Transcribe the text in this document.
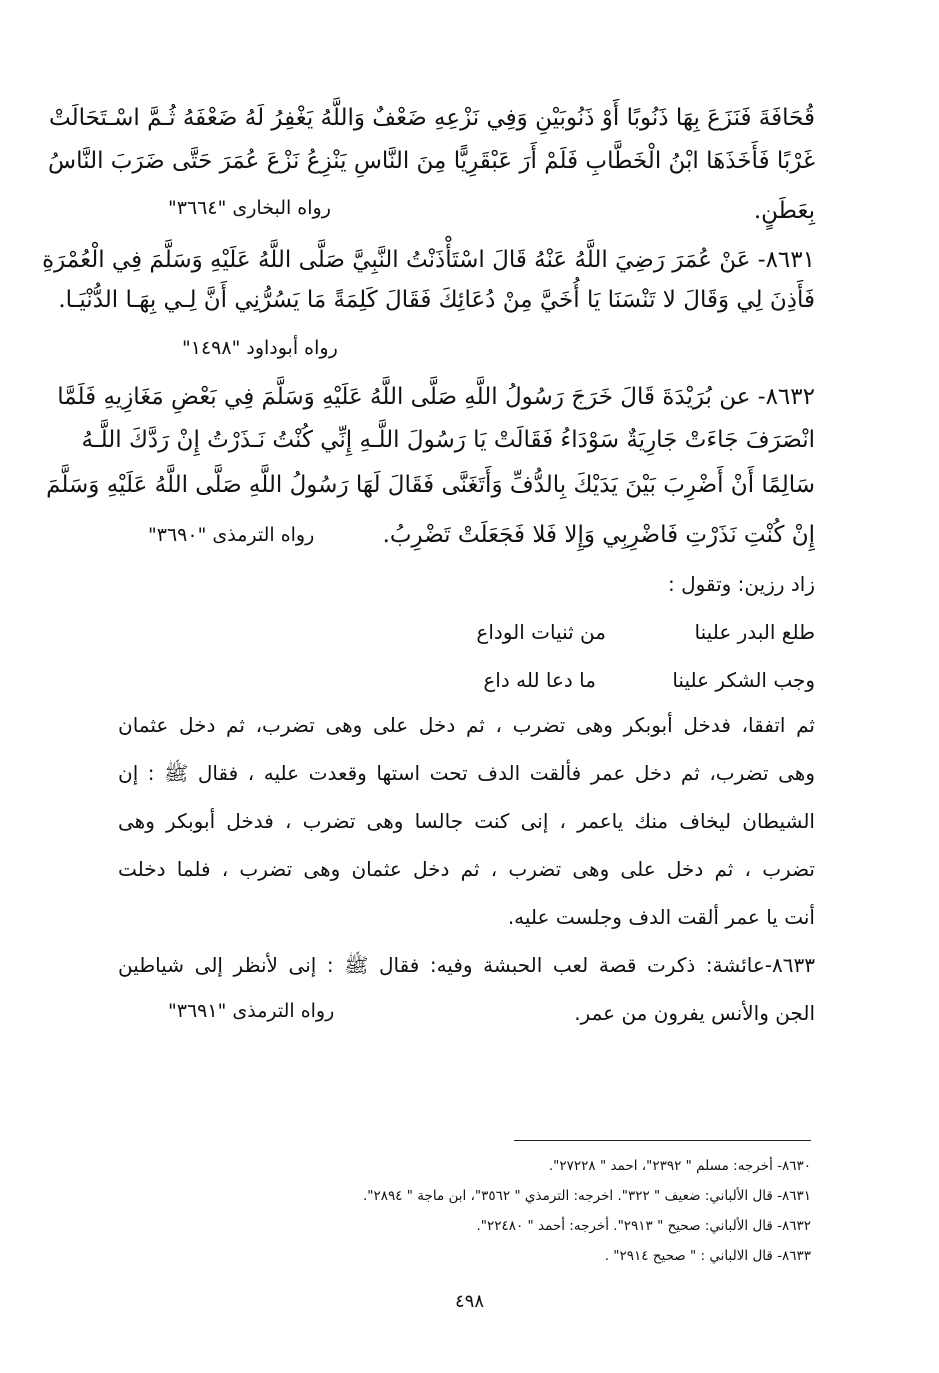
قُحَافَةَ فَنَزَعَ بِهَا ذَنُوبًا أَوْ ذَنُوبَيْنِ وَفِي نَزْعِهِ ضَعْفٌ وَاللَّهُ يَغْفِرُ لَهُ ضَعْفَهُ ثُـمَّ اسْـتَحَالَتْ
غَرْبًا فَأَخَذَهَا ابْنُ الْخَطَّابِ فَلَمْ أَرَ عَبْقَرِيًّا مِنَ النَّاسِ يَنْزِعُ نَزْعَ عُمَرَ حَتَّى ضَرَبَ النَّاسُ
بِعَطَنٍ.
رواه البخارى "٣٦٦٤"
٨٦٣١- عَنْ عُمَرَ رَضِيَ اللَّهُ عَنْهُ قَالَ اسْتَأْذَنْتُ النَّبِيَّ صَلَّى اللَّهُ عَلَيْهِ وَسَلَّمَ فِي الْعُمْرَةِ
فَأَذِنَ لِي وَقَالَ لا تَنْسَنَا يَا أُخَيَّ مِنْ دُعَائِكَ فَقَالَ كَلِمَةً مَا يَسُرُّنِي أَنَّ لِـي بِهَـا الدُّنْيَـا.
رواه أبوداود "١٤٩٨"
٨٦٣٢- عن بُرَيْدَةَ قَالَ خَرَجَ رَسُولُ اللَّهِ صَلَّى اللَّهُ عَلَيْهِ وَسَلَّمَ فِي بَعْضِ مَغَازِيهِ فَلَمَّا
انْصَرَفَ جَاءَتْ جَارِيَةٌ سَوْدَاءُ فَقَالَتْ يَا رَسُولَ اللَّـهِ إِنِّي كُنْتُ نَـذَرْتُ إِنْ رَدَّكَ اللَّـهُ
سَالِمًا أَنْ أَضْرِبَ بَيْنَ يَدَيْكَ بِالدُّفِّ وَأَتَغَنَّى فَقَالَ لَهَا رَسُولُ اللَّهِ صَلَّى اللَّهُ عَلَيْهِ وَسَلَّمَ
إِنْ كُنْتِ نَذَرْتِ فَاضْرِبِي وَإِلا فَلا فَجَعَلَتْ تَضْرِبُ.
رواه الترمذى "٣٦٩٠"
زاد رزين: وتقول :
طلع البدر علينا
من ثنيات الوداع
وجب الشكر علينا
ما دعا لله داع
ثم اتفقا، فدخل أبوبكر وهى تضرب ، ثم دخل على وهى تضرب، ثم دخل عثمان
وهى تضرب، ثم دخل عمر فألقت الدف تحت استها وقعدت عليه ، فقال ﷺ : إن
الشيطان ليخاف منك ياعمر ، إنى كنت جالسا وهى تضرب ، فدخل أبوبكر وهى
تضرب ، ثم دخل على وهى تضرب ، ثم دخل عثمان وهى تضرب ، فلما دخلت
أنت يا عمر ألقت الدف وجلست عليه.
٨٦٣٣-عائشة: ذكرت قصة لعب الحبشة وفيه: فقال ﷺ : إنى لأنظر إلى شياطين
الجن والأنس يفرون من عمر.
رواه الترمذى "٣٦٩١"
٨٦٣٠- أخرجه: مسلم " ٢٣٩٢"، احمد " ٢٧٢٢٨".
٨٦٣١- قال الألباني: ضعيف " ٣٢٢". اخرجه: الترمذي " ٣٥٦٢"، ابن ماجة " ٢٨٩٤".
٨٦٣٢- قال الألباني: صحيح " ٢٩١٣". أخرجه: أحمد " ٢٢٤٨٠".
٨٦٣٣- قال الالباني : " صحيح ٢٩١٤" .
٤٩٨
